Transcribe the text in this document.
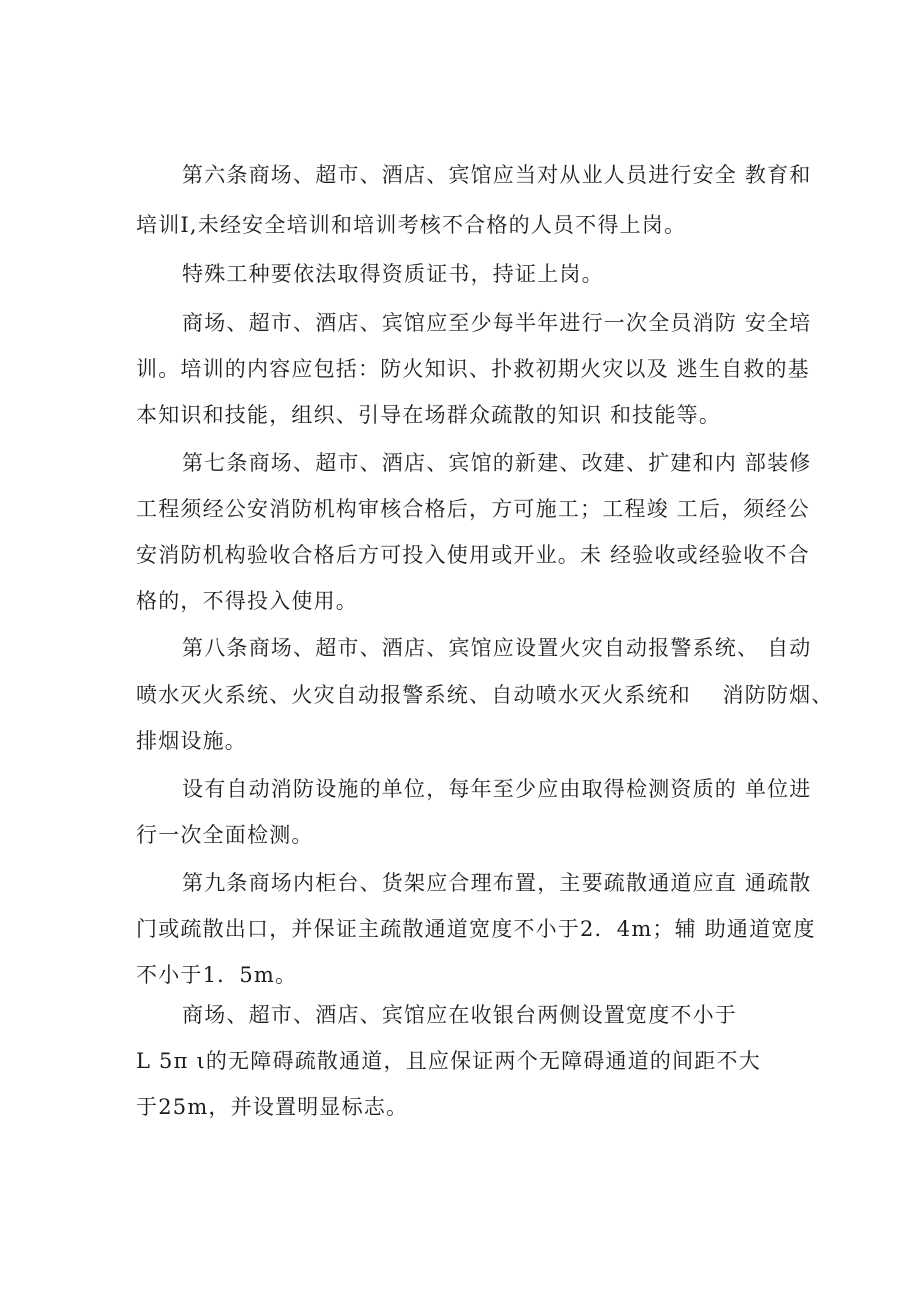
第六条商场、超市、酒店、宾馆应当对从业人员进行安全 教育和
培训I,未经安全培训和培训考核不合格的人员不得上岗。
特殊工种要依法取得资质证书，持证上岗。
商场、超市、酒店、宾馆应至少每半年进行一次全员消防 安全培
训。培训的内容应包括：防火知识、扑救初期火灾以及 逃生自救的基
本知识和技能，组织、引导在场群众疏散的知识 和技能等。
第七条商场、超市、酒店、宾馆的新建、改建、扩建和内 部装修
工程须经公安消防机构审核合格后，方可施工；工程竣 工后，须经公
安消防机构验收合格后方可投入使用或开业。未 经验收或经验收不合
格的，不得投入使用。
第八条商场、超市、酒店、宾馆应设置火灾自动报警系统、 自动
喷水灭火系统、火灾自动报警系统、自动喷水灭火系统和    消防防烟、
排烟设施。
设有自动消防设施的单位，每年至少应由取得检测资质的 单位进
行一次全面检测。
第九条商场内柜台、货架应合理布置，主要疏散通道应直 通疏散
门或疏散出口，并保证主疏散通道宽度不小于2．4m；辅 助通道宽度
不小于1．5m。
商场、超市、酒店、宾馆应在收银台两侧设置宽度不小于
L 5π ι的无障碍疏散通道，且应保证两个无障碍通道的间距不大
于25m，并设置明显标志。
